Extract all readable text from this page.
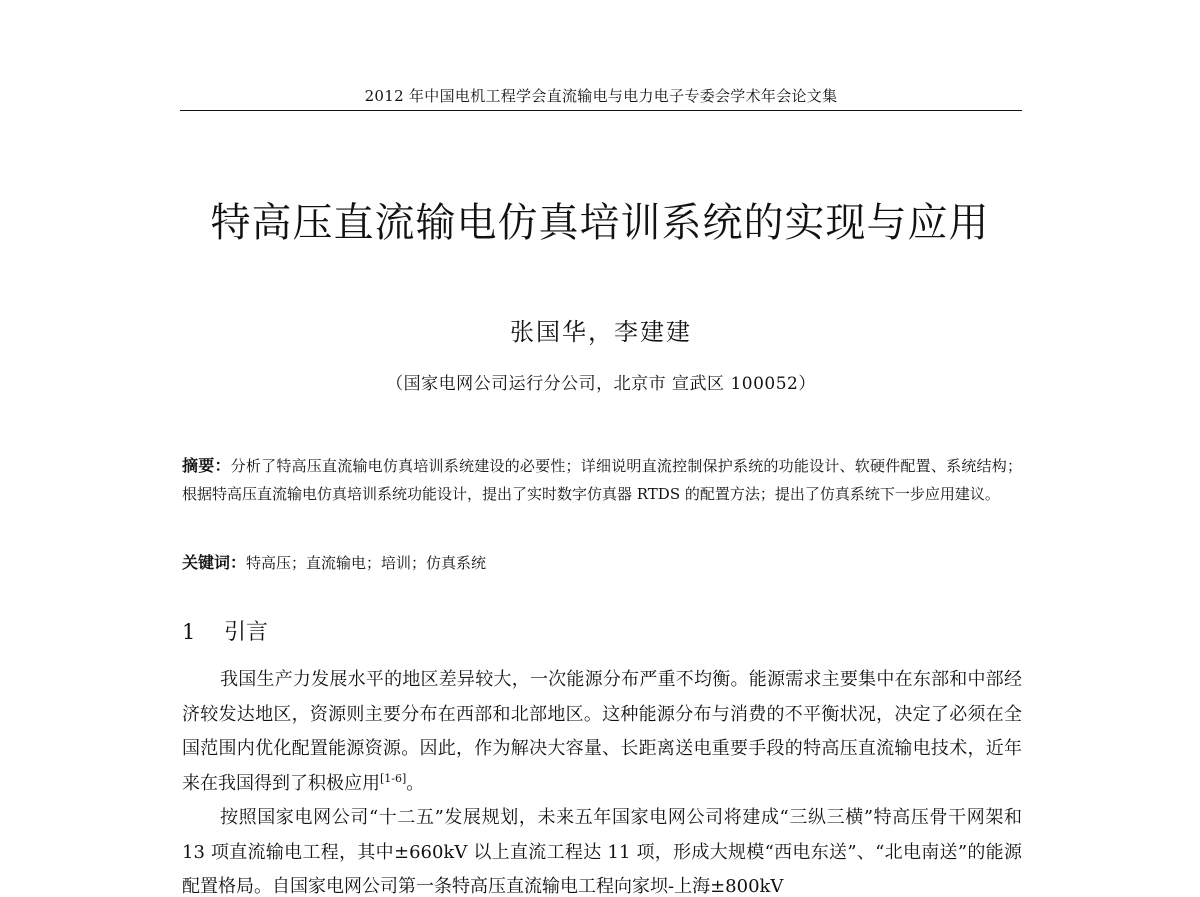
2012 年中国电机工程学会直流输电与电力电子专委会学术年会论文集
特高压直流输电仿真培训系统的实现与应用
张国华，李建建
（国家电网公司运行分公司，北京市 宣武区 100052）

摘要：分析了特高压直流输电仿真培训系统建设的必要性；详细说明直流控制保护系统的功能设计、软硬件配置、系统结构；根据特高压直流输电仿真培训系统功能设计，提出了实时数字仿真器 RTDS 的配置方法；提出了仿真系统下一步应用建议。

关键词：特高压；直流输电；培训；仿真系统

1 引言

我国生产力发展水平的地区差异较大，一次能源分布严重不均衡。能源需求主要集中在东部和中部经济较发达地区，资源则主要分布在西部和北部地区。这种能源分布与消费的不平衡状况，决定了必须在全国范围内优化配置能源资源。因此，作为解决大容量、长距离送电重要手段的特高压直流输电技术，近年来在我国得到了积极应用[1-6]。

按照国家电网公司“十二五”发展规划，未来五年国家电网公司将建成“三纵三横”特高压骨干网架和 13 项直流输电工程，其中±660kV 以上直流工程达 11 项，形成大规模“西电东送”、“北电南送”的能源配置格局。自国家电网公司第一条特高压直流输电工程向家坝-上海±800kV
